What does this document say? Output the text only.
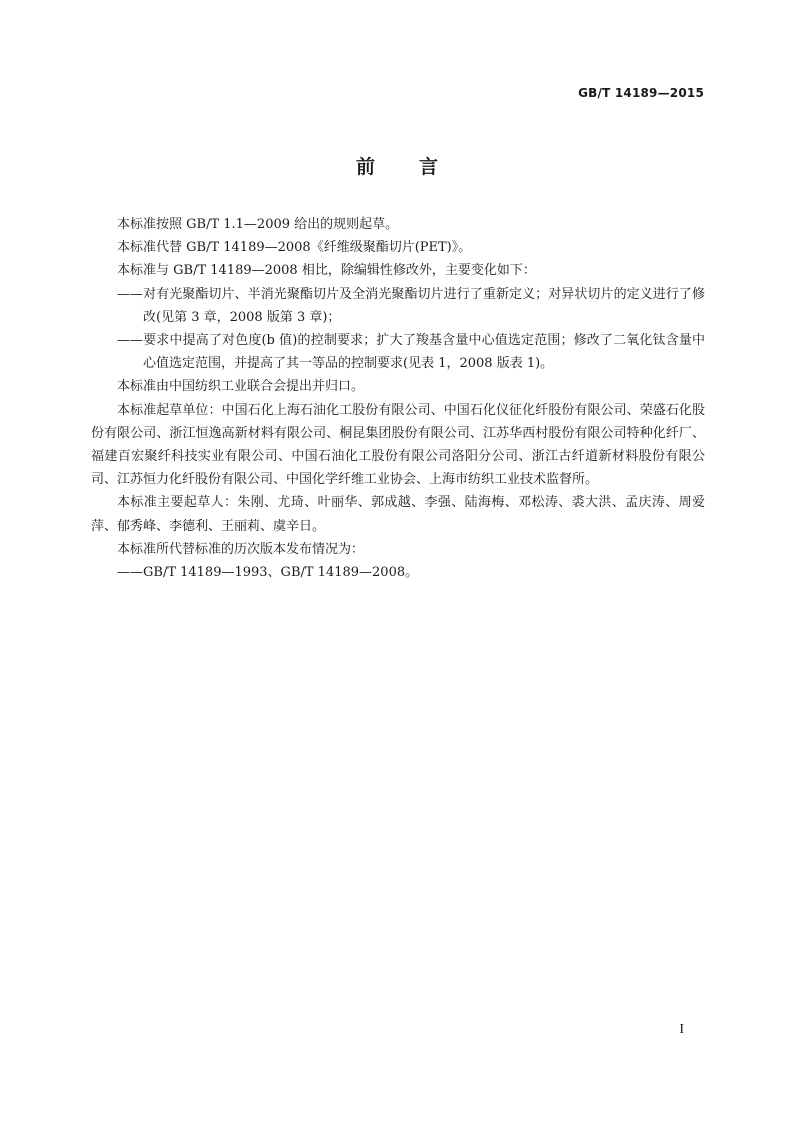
GB/T 14189—2015
前言

本标准按照 GB/T 1.1—2009 给出的规则起草。

本标准代替 GB/T 14189—2008《纤维级聚酯切片(PET)》。

本标准与 GB/T 14189—2008 相比，除编辑性修改外，主要变化如下：

——对有光聚酯切片、半消光聚酯切片及全消光聚酯切片进行了重新定义；对异状切片的定义进行了修改(见第 3 章，2008 版第 3 章)；

——要求中提高了对色度(b 值)的控制要求；扩大了羧基含量中心值选定范围；修改了二氧化钛含量中心值选定范围，并提高了其一等品的控制要求(见表 1，2008 版表 1)。

本标准由中国纺织工业联合会提出并归口。

本标准起草单位：中国石化上海石油化工股份有限公司、中国石化仪征化纤股份有限公司、荣盛石化股份有限公司、浙江恒逸高新材料有限公司、桐昆集团股份有限公司、江苏华西村股份有限公司特种化纤厂、福建百宏聚纤科技实业有限公司、中国石油化工股份有限公司洛阳分公司、浙江古纤道新材料股份有限公司、江苏恒力化纤股份有限公司、中国化学纤维工业协会、上海市纺织工业技术监督所。

本标准主要起草人：朱刚、尤琦、叶丽华、郭成越、李强、陆海梅、邓松涛、裘大洪、孟庆涛、周爱萍、郁秀峰、李德利、王丽莉、虞辛日。

本标准所代替标准的历次版本发布情况为：

——GB/T 14189—1993、GB/T 14189—2008。

I
